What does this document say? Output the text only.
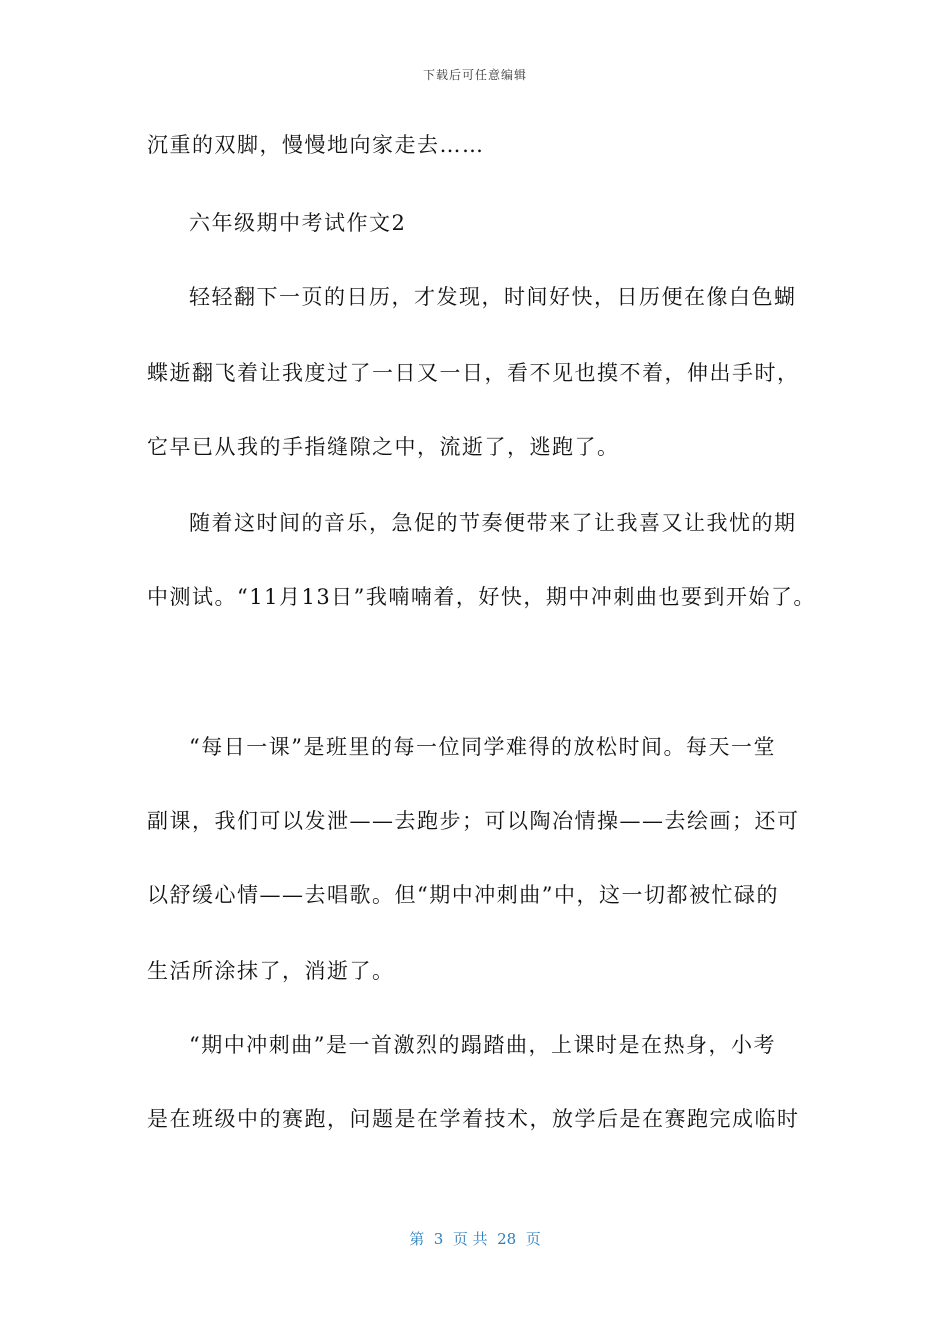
下载后可任意编辑
沉重的双脚，慢慢地向家走去……
六年级期中考试作文2
轻轻翻下一页的日历，才发现，时间好快，日历便在像白色蝴
蝶逝翻飞着让我度过了一日又一日，看不见也摸不着，伸出手时，
它早已从我的手指缝隙之中，流逝了，逃跑了。
随着这时间的音乐，急促的节奏便带来了让我喜又让我忧的期
中测试。“11月13日”我喃喃着，好快，期中冲刺曲也要到开始了。
“每日一课”是班里的每一位同学难得的放松时间。每天一堂
副课，我们可以发泄——去跑步；可以陶冶情操——去绘画；还可
以舒缓心情——去唱歌。但“期中冲刺曲”中，这一切都被忙碌的
生活所涂抹了，消逝了。
“期中冲刺曲”是一首激烈的蹋踏曲，上课时是在热身，小考
是在班级中的赛跑，问题是在学着技术，放学后是在赛跑完成临时
第  3  页 共  28  页
